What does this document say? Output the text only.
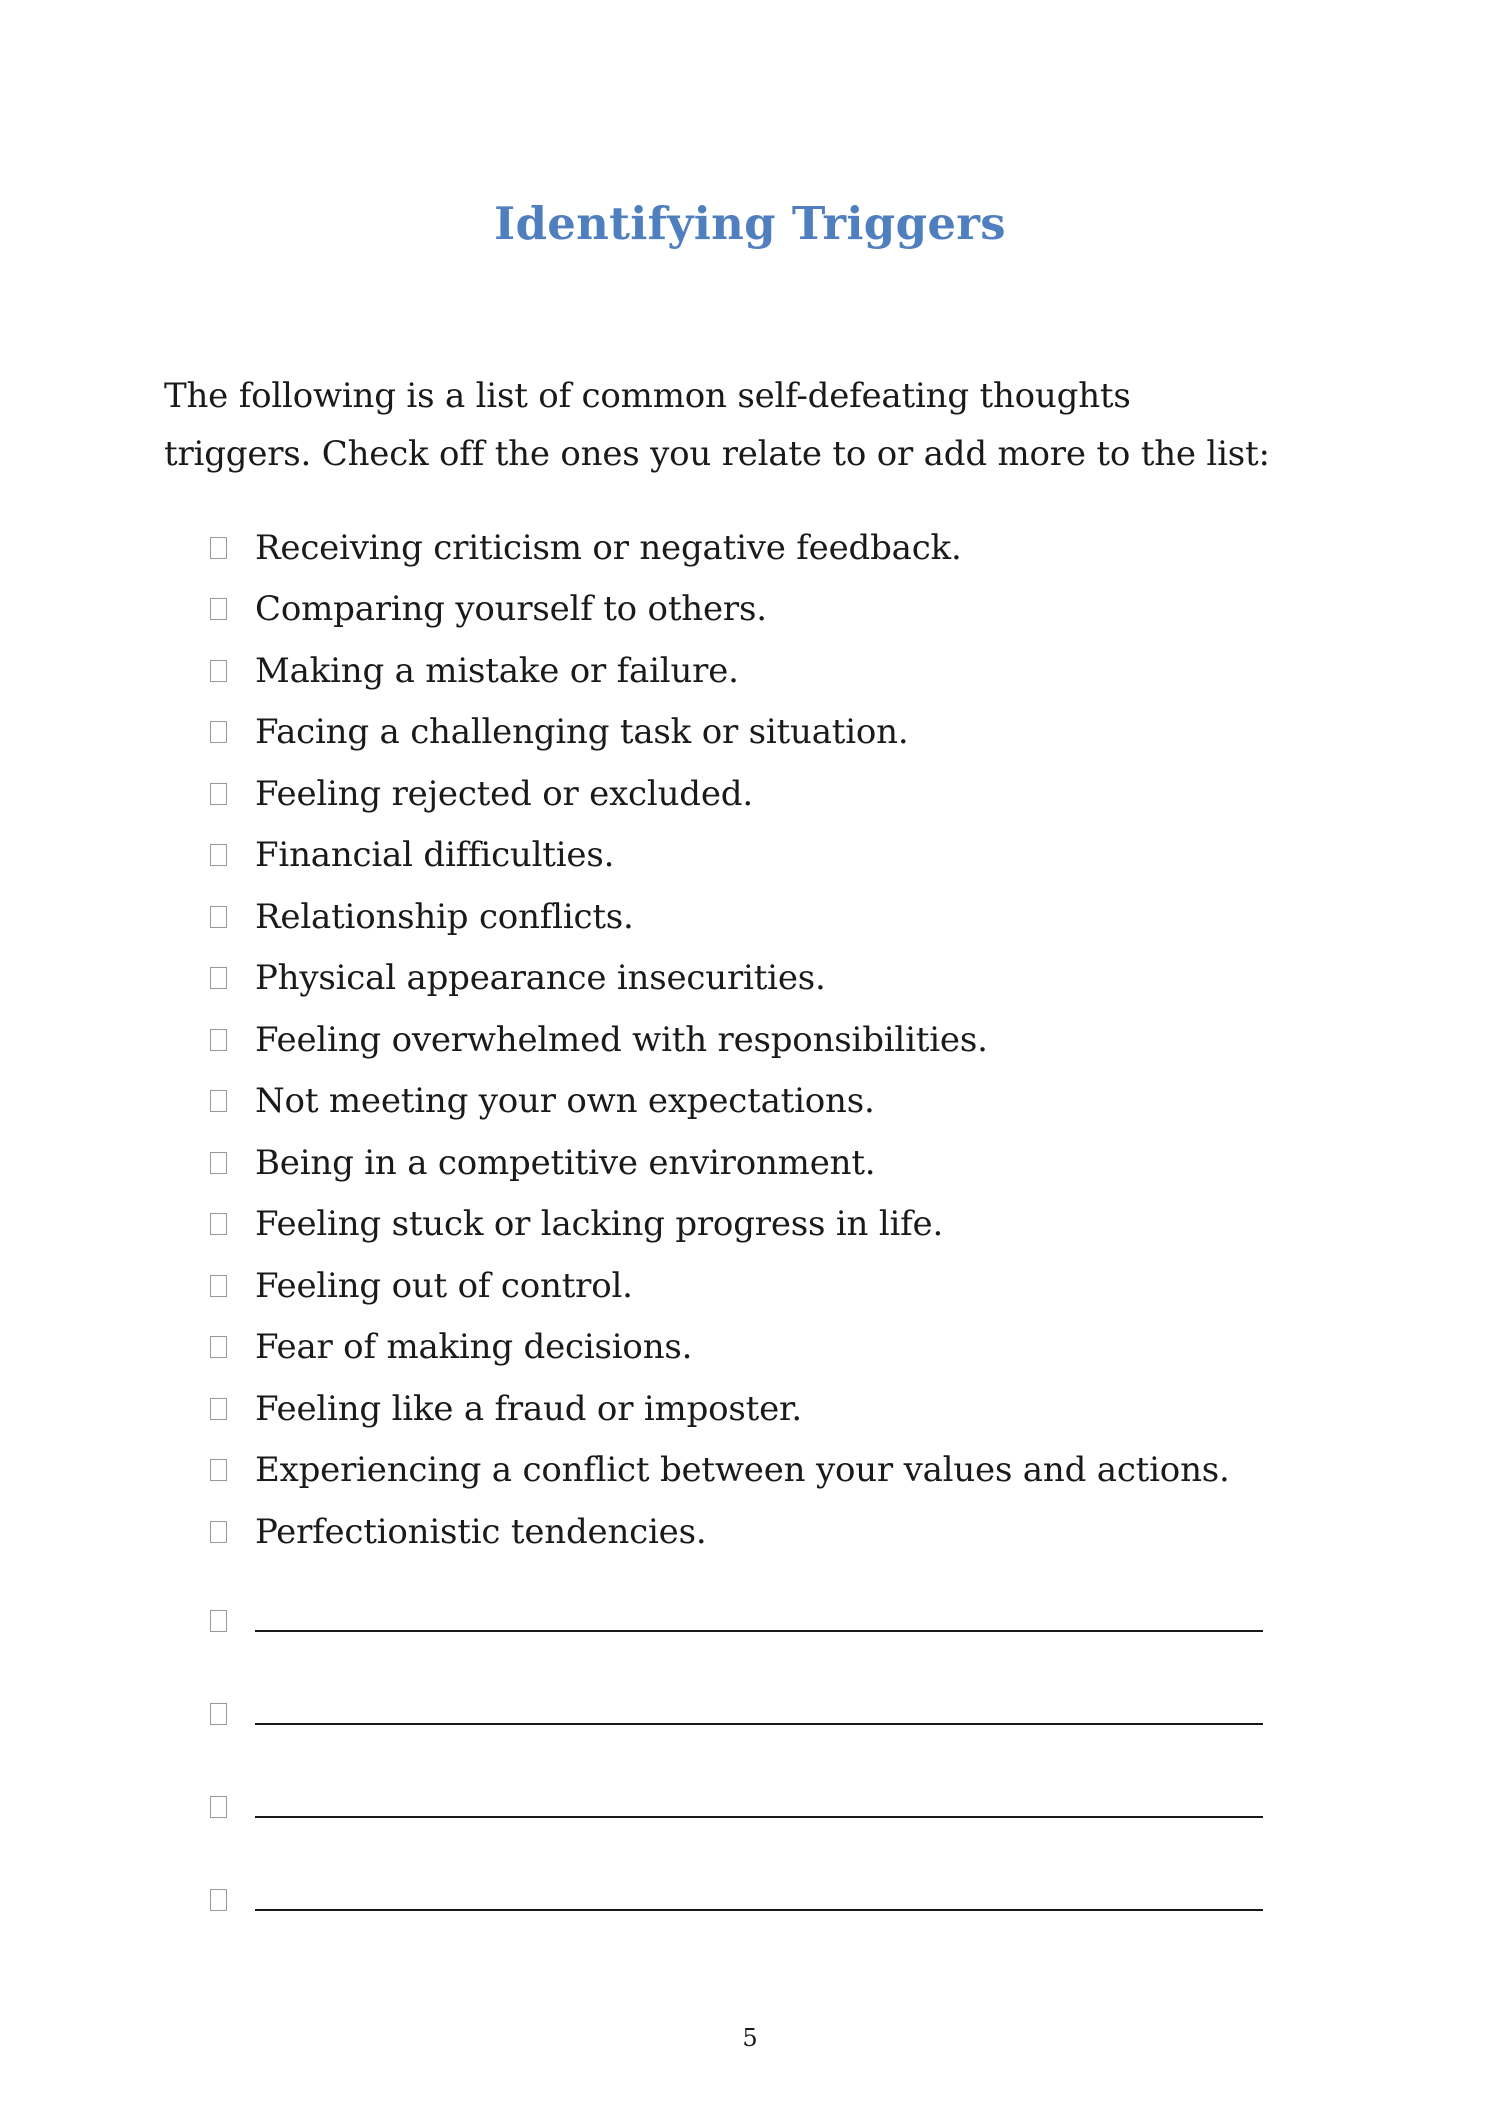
Identifying Triggers

The following is a list of common self-defeating thoughts triggers. Check off the ones you relate to or add more to the list:

Receiving criticism or negative feedback.
Comparing yourself to others.
Making a mistake or failure.
Facing a challenging task or situation.
Feeling rejected or excluded.
Financial difficulties.
Relationship conflicts.
Physical appearance insecurities.
Feeling overwhelmed with responsibilities.
Not meeting your own expectations.
Being in a competitive environment.
Feeling stuck or lacking progress in life.
Feeling out of control.
Fear of making decisions.
Feeling like a fraud or imposter.
Experiencing a conflict between your values and actions.
Perfectionistic tendencies.
5
